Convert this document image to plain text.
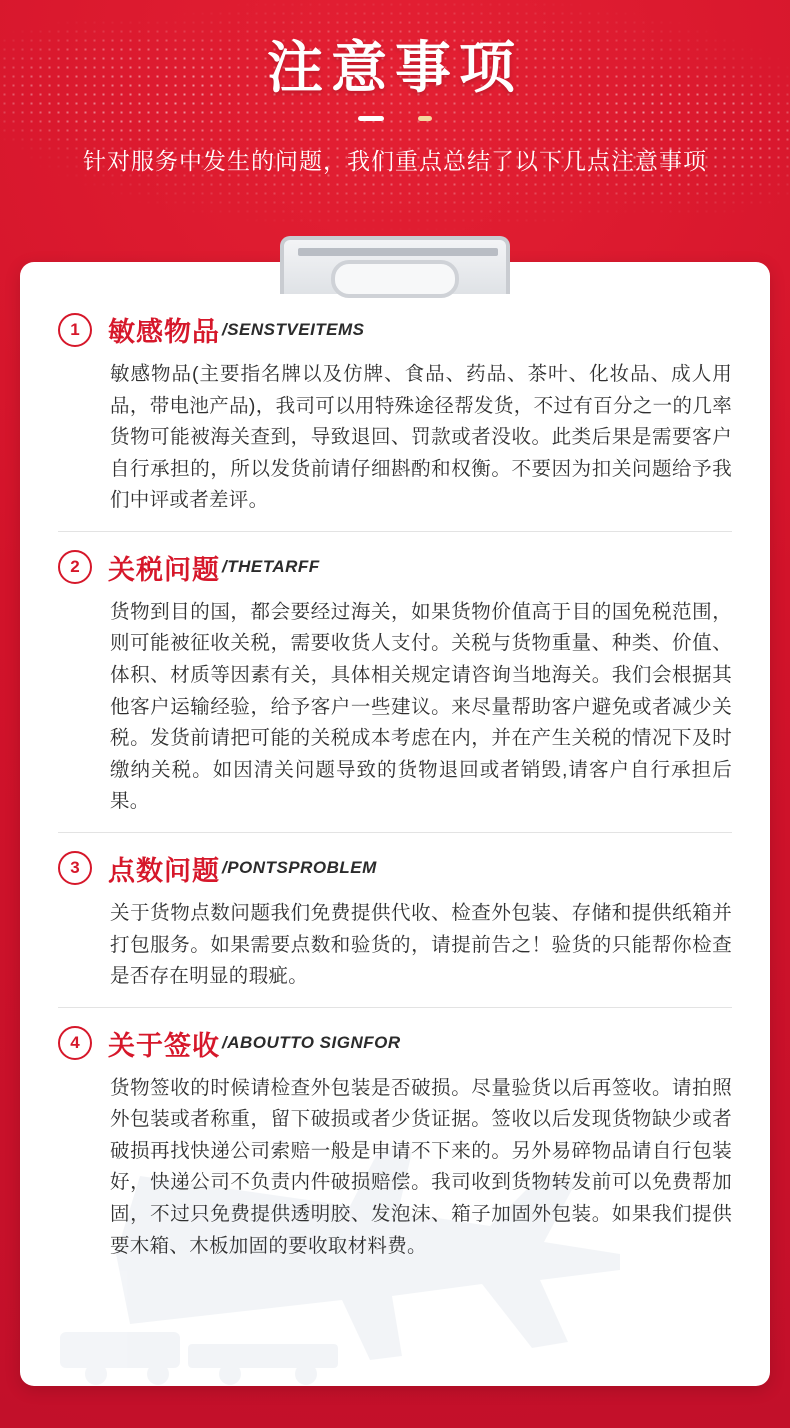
注意事项
针对服务中发生的问题，我们重点总结了以下几点注意事项
1	敏感物品 /SENSTVEITEMS
敏感物品(主要指名牌以及仿牌、食品、药品、茶叶、化妆品、成人用品，带电池产品)，我司可以用特殊途径帮发货，不过有百分之一的几率货物可能被海关查到，导致退回、罚款或者没收。此类后果是需要客户自行承担的，所以发货前请仔细斟酌和权衡。不要因为扣关问题给予我们中评或者差评。
2	关税问题 /THETARFF
货物到目的国，都会要经过海关，如果货物价值高于目的国免税范围，则可能被征收关税，需要收货人支付。关税与货物重量、种类、价值、体积、材质等因素有关，具体相关规定请咨询当地海关。我们会根据其他客户运输经验，给予客户一些建议。来尽量帮助客户避免或者减少关税。发货前请把可能的关税成本考虑在内，并在产生关税的情况下及时缴纳关税。如因清关问题导致的货物退回或者销毁,请客户自行承担后果。
3	点数问题 /PONTSPROBLEM
关于货物点数问题我们免费提供代收、检查外包装、存储和提供纸箱并打包服务。如果需要点数和验货的，请提前告之！验货的只能帮你检查是否存在明显的瑕疵。
4	关于签收 /ABOUTTO SIGNFOR
货物签收的时候请检查外包装是否破损。尽量验货以后再签收。请拍照外包装或者称重，留下破损或者少货证据。签收以后发现货物缺少或者破损再找快递公司索赔一般是申请不下来的。另外易碎物品请自行包装好，快递公司不负责内件破损赔偿。我司收到货物转发前可以免费帮加固，不过只免费提供透明胶、发泡沫、箱子加固外包装。如果我们提供要木箱、木板加固的要收取材料费。
